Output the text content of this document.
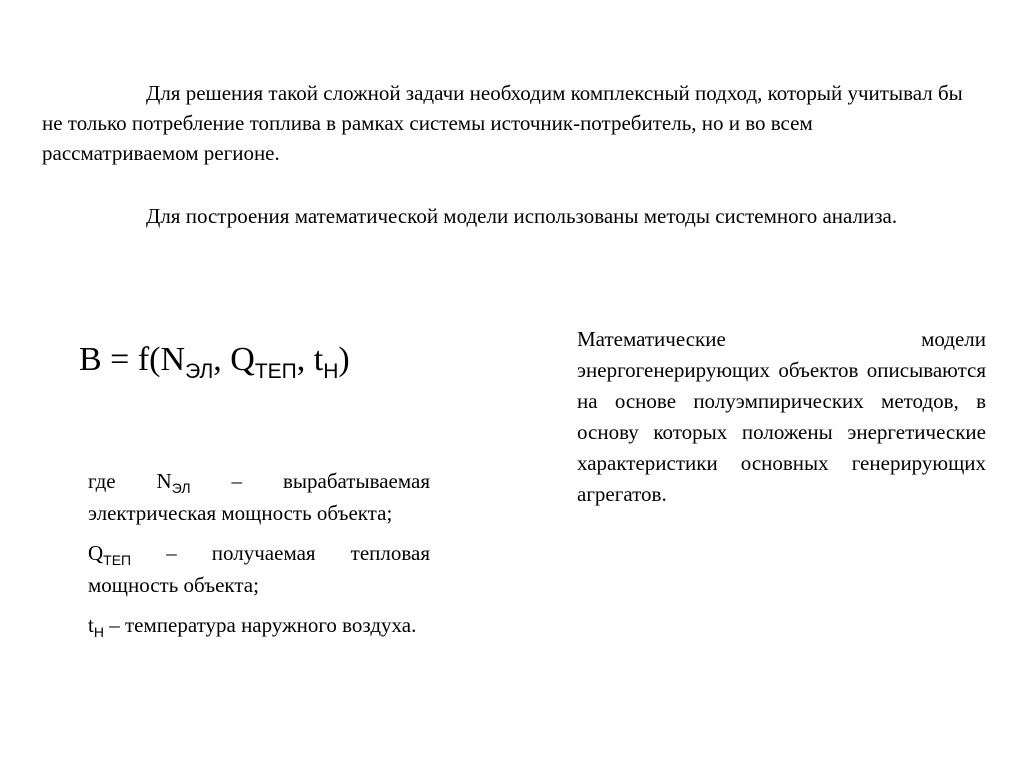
Для решения такой сложной задачи необходим комплексный подход, который учитывал бы не только потребление топлива в рамках системы источник-потребитель, но и во всем рассматриваемом регионе.

Для построения математической модели использованы методы системного анализа.

$B = f(N_{ЭЛ}$, $Q_{ТЕП}$, $t_Н$)

где $N_{ЭЛ}$ – вырабатываемая электрическая мощность объекта;

$Q_{ТЕП}$ – получаемая тепловая мощность объекта;

$t_Н$ – температура наружного воздуха.

Математические модели энергогенерирующих объектов описываются на основе полуэмпирических методов, в основу которых положены энергетические характеристики основных генерирующих агрегатов.
